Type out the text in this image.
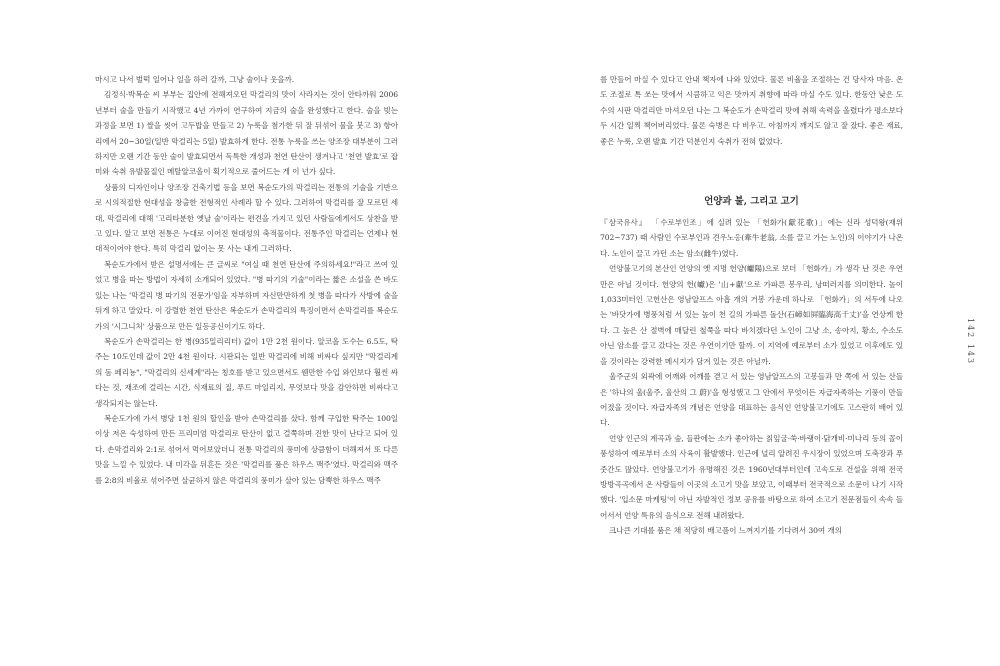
마시고 나서 벌떡 일어나 일을 하러 갈까, 그냥 술이나 웃을까.

김정식·박복순 씨 부부는 집안에 전해져오던 막걸리의 맛이 사라지는 것이 안타까워 2006년부터 술을 만들기 시작했고 4년 가까이 연구하여 지금의 술을 완성했다고 한다. 술을 빚는 과정을 보면 1) 쌀을 씻어 고두밥을 만들고 2) 누룩을 첨가한 뒤 잘 뒤섞어 물을 붓고 3) 항아리에서 20~30일(일반 막걸리는 5일) 발효하게 한다. 전통 누룩을 쓰는 양조장 대부분이 그러하지만 오랜 기간 동안 술이 발효되면서 독특한 개성과 천연 탄산이 생겨나고 '천연 발효'로 잡미와 숙취 유발물질인 메탈알코올이 획기적으로 줄어드는 게 이 넌가 싶다.

상품의 디자인이나 양조장 건축기법 등을 보면 복순도가의 막걸리는 전통의 기술을 기반으로 시의적절한 현대성을 창출한 전형적인 사례라 할 수 있다. 그러하여 막걸리를 잘 모르던 세대, 막걸리에 대해 '고리타분한 옛날 술'이라는 편견을 가지고 있던 사람들에게서도 상찬을 받고 있다. 앞고 보면 전통은 누대로 이어진 현대성의 축적물이다. 전통주인 막걸리는 언제나 현대적이어야 한다. 특히 막걸리 없이는 못 사는 내게 그러하다.

복순도가에서 받은 설명서에는 큰 글씨로 "여실 때 천연 탄산에 주의하세요!"라고 쓰여 있었고 병을 따는 방법이 자세히 소개되어 있었다. "병 따기의 기술"이라는 짧은 소설을 쓴 바도 있는 나는 '막걸리 병 따기의 전문가'임을 자부하며 자신만만하게 첫 병을 따다가 사방에 술을 뒤게 하고 말았다. 이 강렬한 천연 탄산은 복순도가 손막걸리의 특징이면서 손막걸리를 복순도가의 '시그니처' 상품으로 만든 일등공신이기도 하다.

복순도가 손막걸리는 한 병(935밀리리터) 값이 1만 2천 원이다. 알코올 도수는 6.5도, 탁주는 10도인데 값이 2만 4천 원이다. 시판되는 일반 막걸리에 비해 비싸다 싶지만 "막걸리계의 돔 페리뇽", "막걸리의 신세계"라는 칭호를 받고 있으면서도 웬만한 수입 와인보다 훨씬 싸다는 것, 재조에 걸리는 시간, 식재료의 질, 푸드 마일리지, 무엇보다 맛을 감안하면 비싸다고 생각되지는 않는다.

복순도가에 가서 병당 1천 원의 할인을 받아 손막걸리를 샀다. 함께 구입한 탁주는 100일 이상 저온 숙성하여 만든 프리미엄 막걸리로 탄산이 없고 걸쭉하며 진한 맛이 난다고 되어 있다. 손막걸리와 2:1로 섞어서 먹어보았더니 전통 막걸리의 풍미에 상큼함이 더해져서 또 다른 맛을 느낄 수 있었다. 내 미각을 뒤흔든 것은 '막걸리를 품은 하우스 맥주'였다. 막걸리와 맥주를 2:8의 비율로 섞어주면 살균하지 않은 막걸리의 풍미가 살아 있는 담뿍한 하우스 맥주

를 만들어 마실 수 있다고 안내 책자에 나와 있었다. 물론 비율을 조절하는 건 당사자 마음. 온도 조절로 톡 쏘는 맛에서 시큼하고 익은 맛까지 취향에 따라 마실 수도 있다. 한동안 낮은 도수의 시판 막걸리만 마셔오던 나는 그 복순도가 손막걸리 맛에 취해 속력을 올렸다가 평소보다 두 시간 일찍 책어버리었다. 물론 숙병은 다 비우고. 아침까지 깨지도 않고 잘 잤다. 좋은 재료, 좋은 누룩, 오랜 발효 기간 덕분인지 숙취가 전혀 없었다.

언양과 불, 그리고 고기

『삼국유사』 「수로부인조」에 실려 있는 「헌화가(獻花歌)」에는 신라 성덕왕(재위 702~737) 때 사람인 수로부인과 견우노옹(牽牛老翁, 소를 끌고 가는 노인)의 이야기가 나온다. 노인이 끌고 가던 소는 암소(雌牛)였다.

언양불고기의 본산인 언양의 옛 지명 헌양(巘陽)으로 보더 「헌화가」가 생각 난 것은 우연만은 아닐 것이다. 헌양의 헌(巘)은 '山+獻'으로 가파른 봉우리, 낭떠러지를 의미한다. 높이 1,033미터인 고헌산은 영남알프스 아홉 개의 거봉 가운데 하나로 「헌화가」의 서두에 나오는 '바닷가에 병풍처럼 서 있는 높이 천 길의 가파른 돌산(石嶂如屛臨海高千丈)'을 연상케 한다. 그 높은 산 절벽에 매달린 철쭉을 따다 바치겠다던 노인이 그냥 소, 송아지, 황소, 수소도 아닌 암소를 끌고 갔다는 것은 우연이기만 할까. 이 지역에 예로부터 소가 있었고 이후에도 있을 것이라는 강력한 메시지가 담겨 있는 것은 아닐까.

울주군의 외곽에 어깨와 어깨를 겯고 서 있는 영남알프스의 고봉들과 만 쪽에 서 있는 산들은 '하나의 울(울주, 울산의 그 蔚)'을 형성했고 그 안에서 무엇이든 자급자족하는 기풍이 만들어졌을 것이다. 자급자족의 개념은 언양을 대표하는 음식인 언양불고기에도 고스란히 배어 있다.

언양 인근의 계곡과 숲, 들판에는 소가 좋아하는 칡잎굴·쑥·바랭이·닭개비·미나리 등의 꼴이 풍성하여 예로부터 소의 사육이 활발했다. 인근에 널리 알려진 우시장이 있었으며 도축장과 푸줏간도 많았다. 언양불고기가 유명해진 것은 1960년대부터인데 고속도로 건설을 위해 전국 방방곡곡에서 온 사람들이 이곳의 소고기 맛을 보았고, 이때부터 전국적으로 소문이 나기 시작했다. '입소문 마케팅'이 아닌 자발적인 정보 공유를 바탕으로 하여 소고기 전문점들이 속속 들어서서 언양 특유의 음식으로 전해 내려왔다.

크나큰 기대를 품은 채 적당히 배고픔이 느껴지기를 기다려서 30여 개의

142 143
